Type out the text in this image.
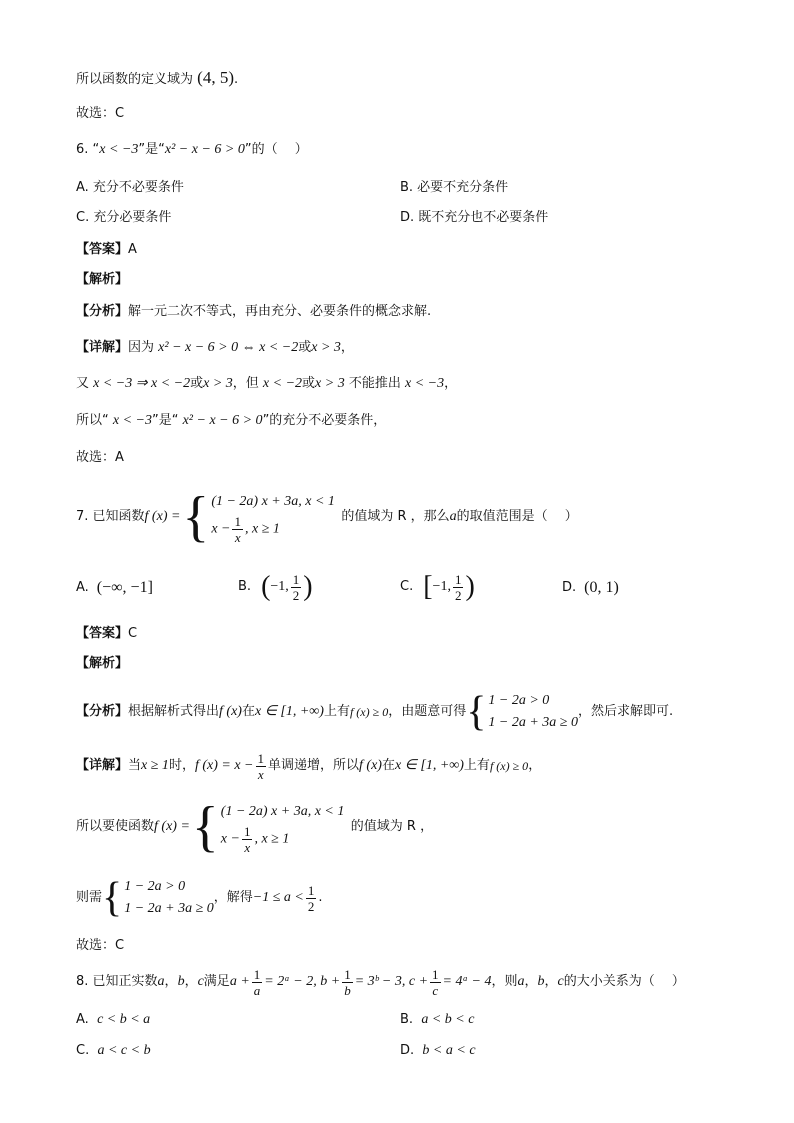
所以函数的定义域为 (4, 5).
故选：C
6. “x < −3”是“x² − x − 6 > 0”的（　 ）
A. 充分不必要条件	B. 必要不充分条件
C. 充分必要条件	D. 既不充分也不必要条件
【答案】A
【解析】
【分析】解一元二次不等式，再由充分、必要条件的概念求解.
【详解】因为 x² − x − 6 > 0 ⇔ x < −2或x > 3，
又 x < −3 ⇒ x < −2或x > 3，但 x < −2或x > 3 不能推出 x < −3，
所以“ x < −3”是“ x² − x − 6 > 0”的充分不必要条件，
故选：A
7. 已知函数 f (x) = { (1 − 2a) x + 3a, x < 1
$x - \frac{1}{x}$ , x ≥ 1
的值域为 R ，那么 a 的取值范围是（　 ）
A. (−∞, −1]	B. ( −1, $\frac{1}{2}$ )	C. [ −1, $\frac{1}{2}$ )	D. (0, 1)
【答案】C
【解析】
【分析】 根据解析式得出 f (x) 在 x ∈ [1, +∞) 上有 f (x) ≥ 0 ，由题意可得 { 1 − 2a > 0
1 − 2a + 3a ≥ 0
，然后求解即可.
【详解】 当 x ≥ 1 时， f $(x) = x - \frac{1}{x}$ 单调递增，所以 f (x) 在 x ∈ [1, +∞) 上有 f (x) ≥ 0 ，
所以要使函数 f (x) = { (1 − 2a) x + 3a, x < 1
$x - \frac{1}{x}$ , x ≥ 1
的值域为 R ，
则需 { 1 − 2a > 0
1 − 2a + 3a ≥ 0
，解得 $-1 \le a < \frac{1}{2}$ .
故选：C
8. 已知正实数 a ， b ， c 满足 $a + \frac{1}{a}$ = 2ᵃ − 2, $b + \frac{1}{b}$ = 3ᵇ − 3, $c + \frac{1}{c}$ = 4ᵃ − 4 ，则 a ， b ， c 的大小关系为（　 ）
A. c < b < a	B. a < b < c
C. a < c < b	D. b < a < c
